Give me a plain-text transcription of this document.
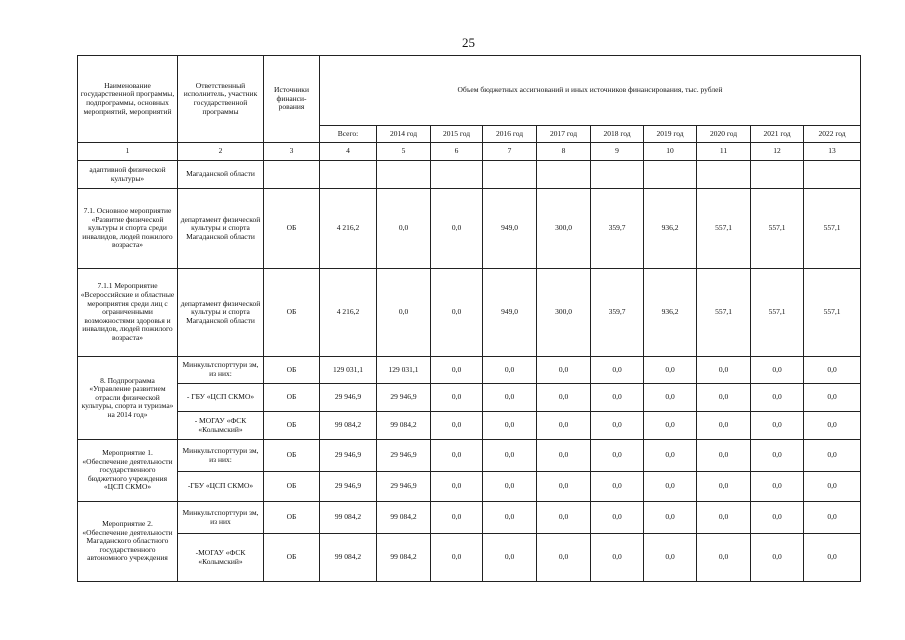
25
Наименование государственной программы, подпрограммы, основных мероприятий, мероприятий	Ответственный исполнитель, участник государственной программы	Источники финанси-рования	Объем бюджетных ассигнований и иных источников финансирования, тыс. рублей									
			Всего:	2014 год	2015 год	2016 год	2017 год	2018 год	2019 год	2020 год	2021 год	2022 год
1	2	3	4	5	6	7	8	9	10	11	12	13
адаптивной физической культуры»	Магаданской области											
7.1. Основное мероприятие «Развитие физической культуры и спорта среди инвалидов, людей пожилого возраста»	департамент физической культуры и спорта Магаданской области	ОБ	4 216,2	0,0	0,0	949,0	300,0	359,7	936,2	557,1	557,1	557,1
7.1.1 Мероприятие «Всероссийские и областные мероприятия среди лиц с ограниченными возможностями здоровья и инвалидов, людей пожилого возраста»	департамент физической культуры и спорта Магаданской области	ОБ	4 216,2	0,0	0,0	949,0	300,0	359,7	936,2	557,1	557,1	557,1
8. Подпрограмма «Управление развитием отрасли физической культуры, спорта и туризма» на 2014 год»	Минкультспорттури зм, из них:	ОБ	129 031,1	129 031,1	0,0	0,0	0,0	0,0	0,0	0,0	0,0	0,0
	- ГБУ «ЦСП СКМО»	ОБ	29 946,9	29 946,9	0,0	0,0	0,0	0,0	0,0	0,0	0,0	0,0
	- МОГАУ «ФСК «Колымский»	ОБ	99 084,2	99 084,2	0,0	0,0	0,0	0,0	0,0	0,0	0,0	0,0
Мероприятие 1. «Обеспечение деятельности государственного бюджетного учреждения «ЦСП СКМО»	Минкультспорттури зм, из них:	ОБ	29 946,9	29 946,9	0,0	0,0	0,0	0,0	0,0	0,0	0,0	0,0
	-ГБУ «ЦСП СКМО»	ОБ	29 946,9	29 946,9	0,0	0,0	0,0	0,0	0,0	0,0	0,0	0,0
Мероприятие 2. «Обеспечение деятельности Магаданского областного государственного автономного учреждения	Минкультспорттури зм, из них	ОБ	99 084,2	99 084,2	0,0	0,0	0,0	0,0	0,0	0,0	0,0	0,0
	-МОГАУ «ФСК «Колымский»	ОБ	99 084,2	99 084,2	0,0	0,0	0,0	0,0	0,0	0,0	0,0	0,0
